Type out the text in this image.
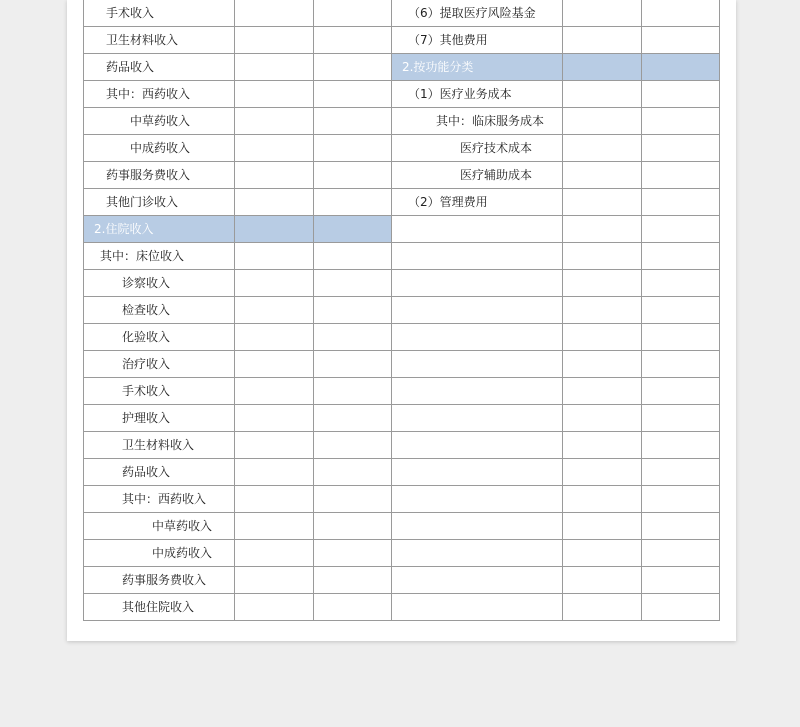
手术收入			（6）提取医疗风险基金		
卫生材料收入			（7）其他费用		
药品收入			2.按功能分类		
其中：西药收入			（1）医疗业务成本		
中草药收入			其中：临床服务成本		
中成药收入			医疗技术成本		
药事服务费收入			医疗辅助成本		
其他门诊收入			（2）管理费用		
2.住院收入					
其中：床位收入					
诊察收入					
检查收入					
化验收入					
治疗收入					
手术收入					
护理收入					
卫生材料收入					
药品收入					
其中：西药收入					
中草药收入					
中成药收入					
药事服务费收入					
其他住院收入					
